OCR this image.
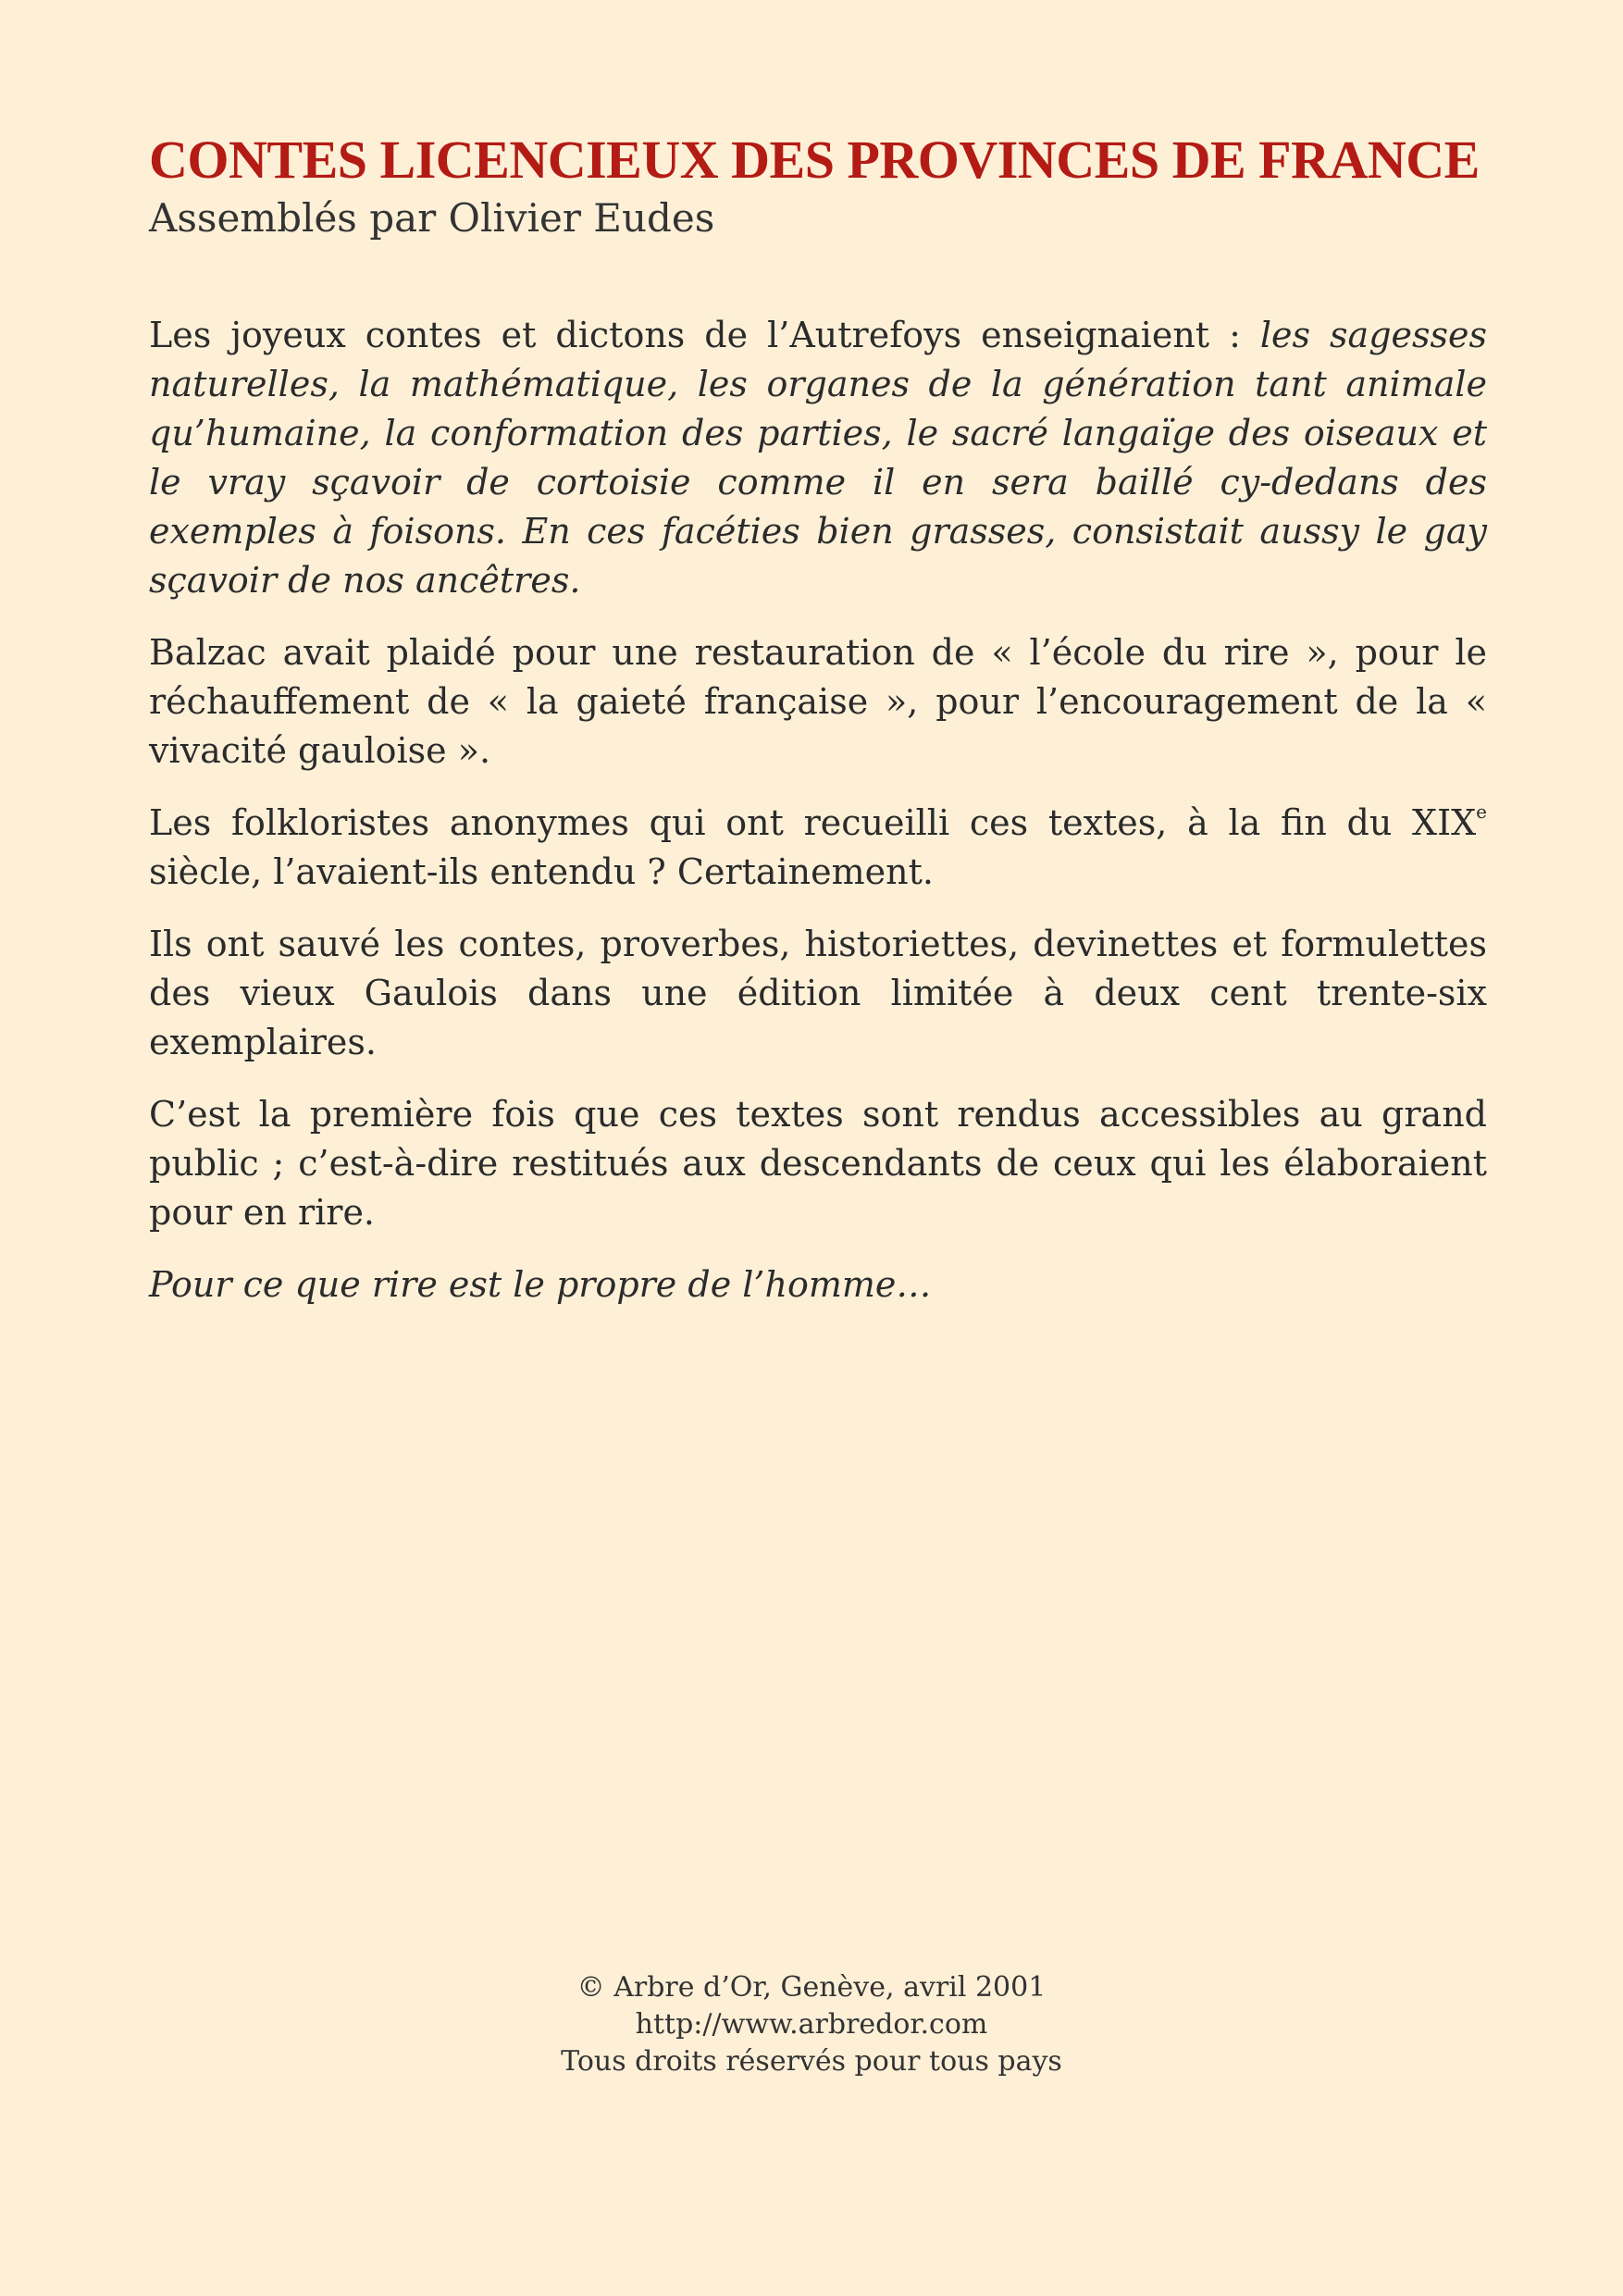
CONTES LICENCIEUX DES PROVINCES DE FRANCE
Assemblés par Olivier Eudes

Les joyeux contes et dictons de l’Autrefoys enseignaient : les sagesses naturelles, la mathématique, les organes de la génération tant animale qu’humaine, la conformation des parties, le sacré langaïge des oiseaux et le vray sçavoir de cortoisie comme il en sera baillé cy-dedans des exemples à foisons. En ces facéties bien grasses, consistait aussy le gay sçavoir de nos ancêtres.

Balzac avait plaidé pour une restauration de « l’école du rire », pour le réchauffement de « la gaieté française », pour l’encouragement de la « vivacité gauloise ».

Les folkloristes anonymes qui ont recueilli ces textes, à la fin du XIXe siècle, l’avaient-ils entendu ? Certainement.

Ils ont sauvé les contes, proverbes, historiettes, devinettes et formulettes des vieux Gaulois dans une édition limitée à deux cent trente-six exemplaires.

C’est la première fois que ces textes sont rendus accessibles au grand public ; c’est-à-dire restitués aux descendants de ceux qui les élaboraient pour en rire.

Pour ce que rire est le propre de l’homme…

© Arbre d’Or, Genève, avril 2001
http://www.arbredor.com
Tous droits réservés pour tous pays
